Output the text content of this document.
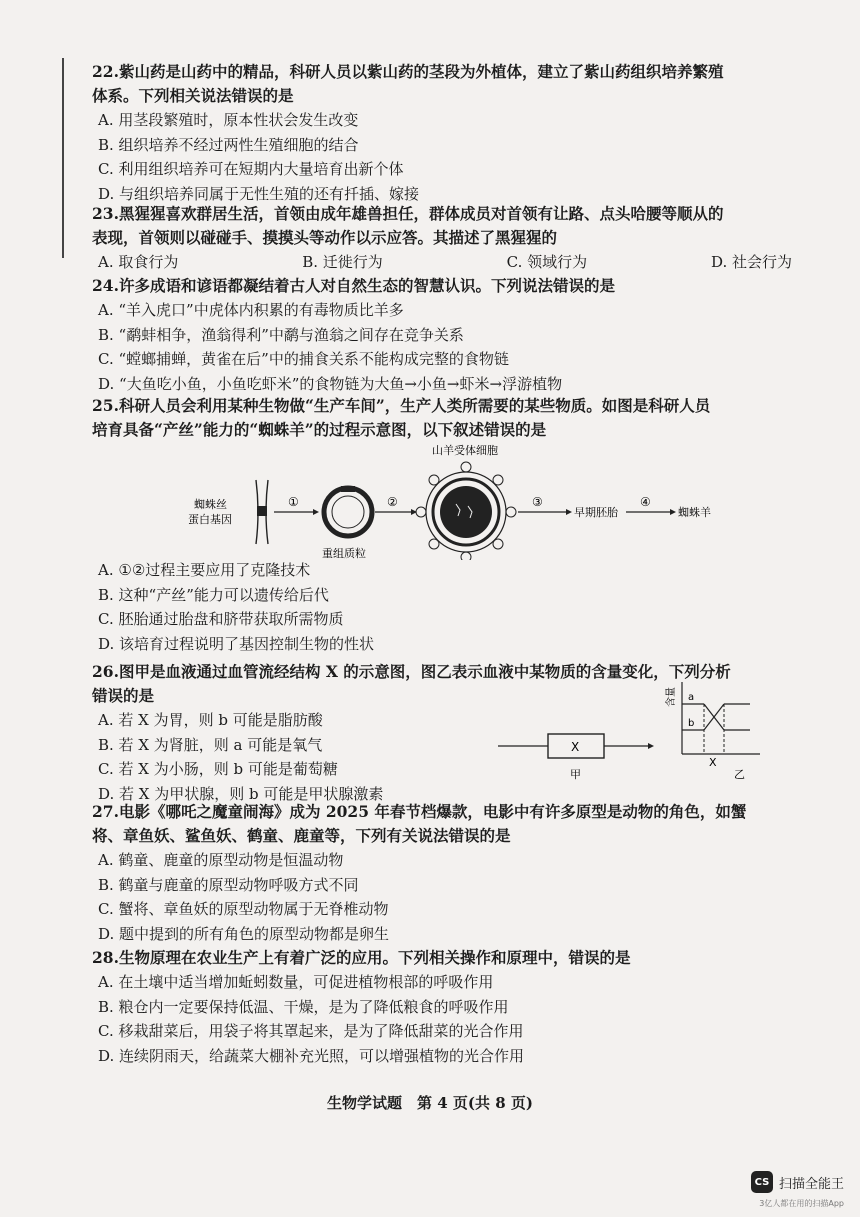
22.紫山药是山药中的精品，科研人员以紫山药的茎段为外植体，建立了紫山药组织培养繁殖
体系。下列相关说法错误的是
A. 用茎段繁殖时，原本性状会发生改变
B. 组织培养不经过两性生殖细胞的结合
C. 利用组织培养可在短期内大量培育出新个体
D. 与组织培养同属于无性生殖的还有扦插、嫁接
23.黑猩猩喜欢群居生活，首领由成年雄兽担任，群体成员对首领有让路、点头哈腰等顺从的
表现，首领则以碰碰手、摸摸头等动作以示应答。其描述了黑猩猩的
A. 取食行为	B. 迁徙行为	C. 领域行为	D. 社会行为
24.许多成语和谚语都凝结着古人对自然生态的智慧认识。下列说法错误的是
A. “羊入虎口”中虎体内积累的有毒物质比羊多
B. “鹬蚌相争，渔翁得利”中鹬与渔翁之间存在竞争关系
C. “螳螂捕蝉，黄雀在后”中的捕食关系不能构成完整的食物链
D. “大鱼吃小鱼，小鱼吃虾米”的食物链为大鱼→小鱼→虾米→浮游植物
25.科研人员会利用某种生物做“生产车间”，生产人类所需要的某些物质。如图是科研人员
培育具备“产丝”能力的“蜘蛛羊”的过程示意图，以下叙述错误的是
蜘蛛丝
蛋白基因
①
重组质粒
②
山羊受体细胞
③
早期胚胎
④
蜘蛛羊
A. ①②过程主要应用了克隆技术
B. 这种“产丝”能力可以遗传给后代
C. 胚胎通过胎盘和脐带获取所需物质
D. 该培育过程说明了基因控制生物的性状
26.图甲是血液通过血管流经结构 X 的示意图，图乙表示血液中某物质的含量变化，下列分析
错误的是
A. 若 X 为胃，则 b 可能是脂肪酸
B. 若 X 为肾脏，则 a 可能是氧气
C. 若 X 为小肠，则 b 可能是葡萄糖
D. 若 X 为甲状腺，则 b 可能是甲状腺激素
X
甲
含量 a
b
X
乙
27.电影《哪吒之魔童闹海》成为 2025 年春节档爆款，电影中有许多原型是动物的角色，如蟹
将、章鱼妖、鲨鱼妖、鹤童、鹿童等，下列有关说法错误的是
A. 鹤童、鹿童的原型动物是恒温动物
B. 鹤童与鹿童的原型动物呼吸方式不同
C. 蟹将、章鱼妖的原型动物属于无脊椎动物
D. 题中提到的所有角色的原型动物都是卵生
28.生物原理在农业生产上有着广泛的应用。下列相关操作和原理中，错误的是
A. 在土壤中适当增加蚯蚓数量，可促进植物根部的呼吸作用
B. 粮仓内一定要保持低温、干燥，是为了降低粮食的呼吸作用
C. 移栽甜菜后，用袋子将其罩起来，是为了降低甜菜的光合作用
D. 连续阴雨天，给蔬菜大棚补充光照，可以增强植物的光合作用
生物学试题　第 4 页(共 8 页)
CS 扫描全能王
3亿人都在用的扫描App
